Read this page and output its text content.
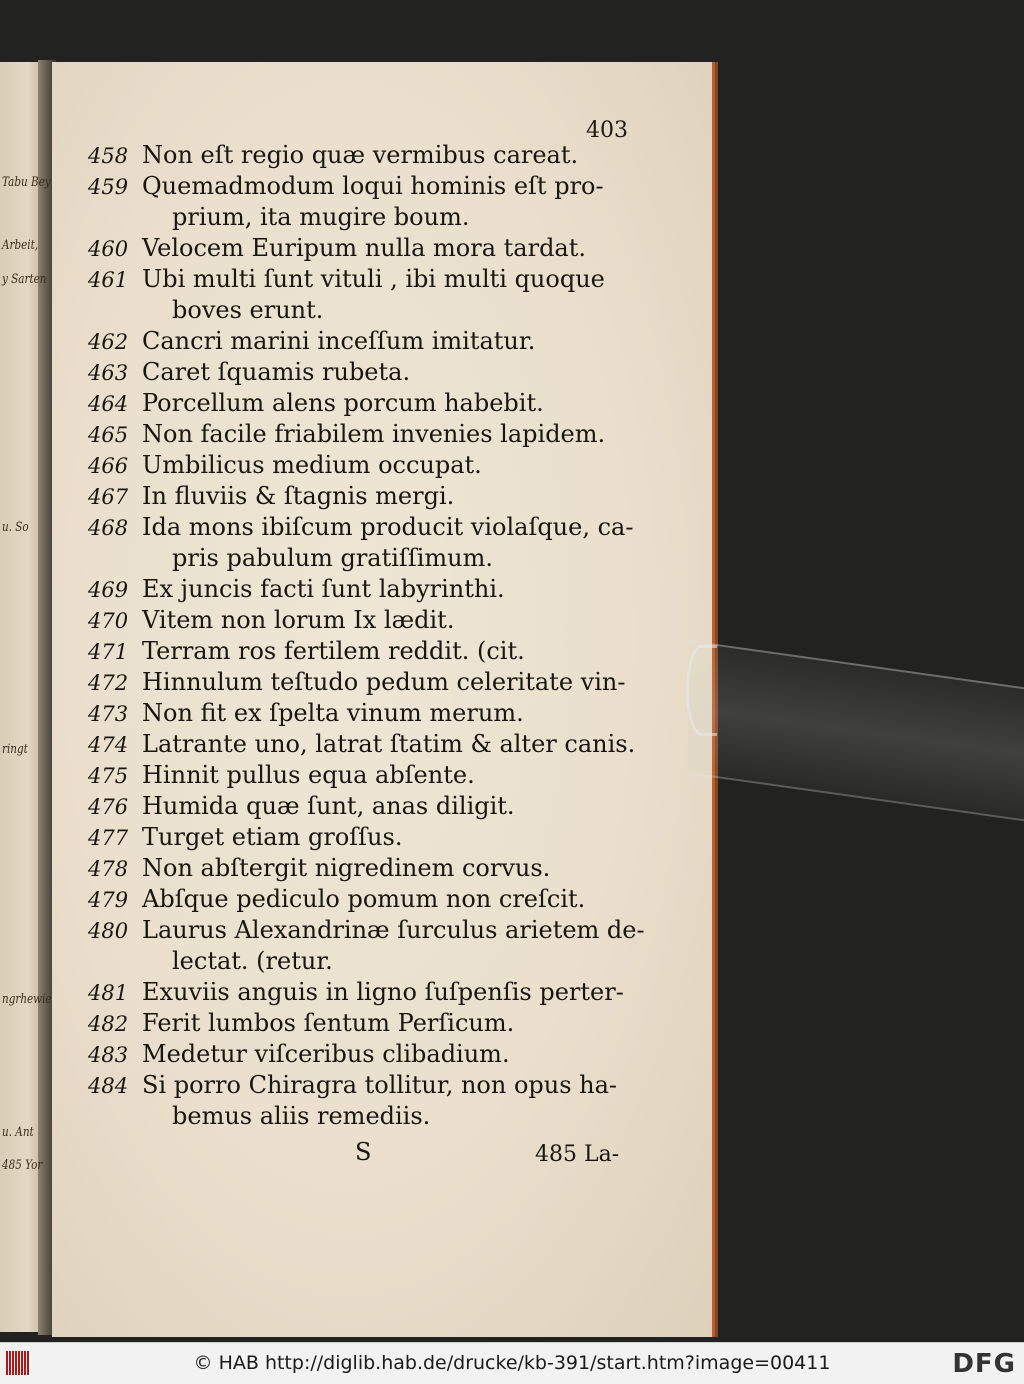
Tabu Bey
Arbeit,
y Sarten
u. So
ringt
ngrhewie
u. Ant
485 Yor
403
458 Non eſt regio quæ vermibus careat.
459 Quemadmodum loqui hominis eſt pro-
prium, ita mugire boum.
460 Velocem Euripum nulla mora tardat.
461 Ubi multi ſunt vituli , ibi multi quoque
boves erunt.
462 Cancri marini inceſſum imitatur.
463 Caret ſquamis rubeta.
464 Porcellum alens porcum habebit.
465 Non facile friabilem invenies lapidem.
466 Umbilicus medium occupat.
467 In fluviis & ſtagnis mergi.
468 Ida mons ibiſcum producit violaſque, ca-
pris pabulum gratiſſimum.
469 Ex juncis facti ſunt labyrinthi.
470 Vitem non lorum Ix lædit.
471 Terram ros fertilem reddit. (cit.
472 Hinnulum teſtudo pedum celeritate vin-
473 Non fit ex ſpelta vinum merum.
474 Latrante uno, latrat ſtatim & alter canis.
475 Hinnit pullus equa abſente.
476 Humida quæ ſunt, anas diligit.
477 Turget etiam groſſus.
478 Non abſtergit nigredinem corvus.
479 Abſque pediculo pomum non creſcit.
480 Laurus Alexandrinæ ſurculus arietem de-
lectat. (retur.
481 Exuviis anguis in ligno ſuſpenſis perter-
482 Ferit lumbos ſentum Perſicum.
483 Medetur viſceribus clibadium.
484 Si porro Chiragra tollitur, non opus ha-
bemus aliis remediis.
S	485 La-
© HAB http://diglib.hab.de/drucke/kb-391/start.htm?image=00411	DFG
